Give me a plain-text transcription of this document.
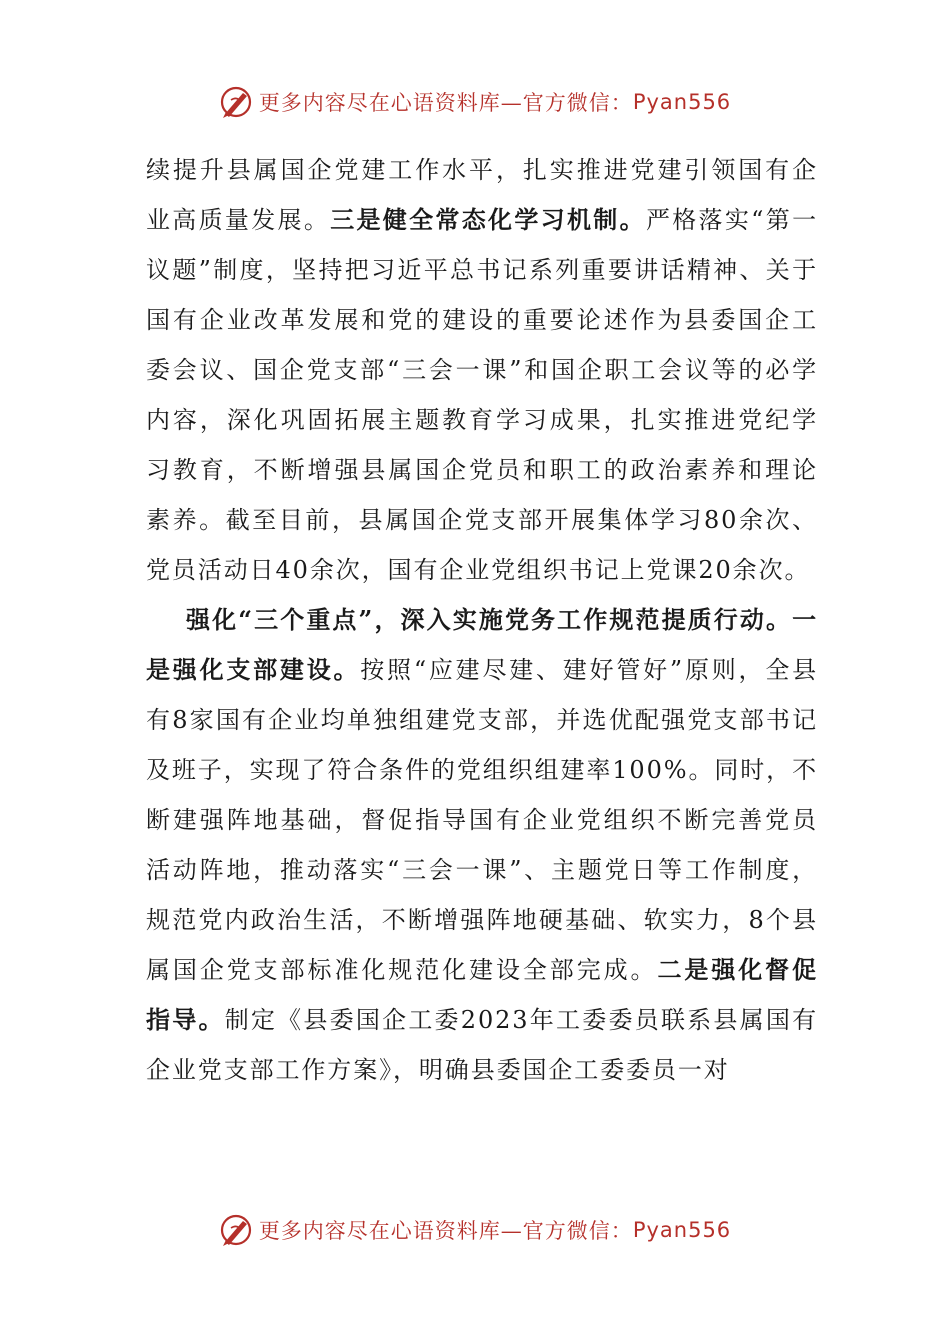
更多内容尽在心语资料库—官方微信： Pyan556

续提升县属国企党建工作水平，扎实推进党建引领国有企业高质量发展。三是健全常态化学习机制。严格落实“第一议题”制度，坚持把习近平总书记系列重要讲话精神、关于国有企业改革发展和党的建设的重要论述作为县委国企工委会议、国企党支部“三会一课”和国企职工会议等的必学内容，深化巩固拓展主题教育学习成果，扎实推进党纪学习教育，不断增强县属国企党员和职工的政治素养和理论素养。截至目前，县属国企党支部开展集体学习80余次、党员活动日40余次，国有企业党组织书记上党课20余次。

强化“三个重点”，深入实施党务工作规范提质行动。一是强化支部建设。按照“应建尽建、建好管好”原则，全县有8家国有企业均单独组建党支部，并选优配强党支部书记及班子，实现了符合条件的党组织组建率100%。同时，不断建强阵地基础，督促指导国有企业党组织不断完善党员活动阵地，推动落实“三会一课”、主题党日等工作制度，规范党内政治生活，不断增强阵地硬基础、软实力，8个县属国企党支部标准化规范化建设全部完成。二是强化督促指导。制定《县委国企工委2023年工委委员联系县属国有企业党支部工作方案》，明确县委国企工委委员一对

更多内容尽在心语资料库—官方微信： Pyan556
